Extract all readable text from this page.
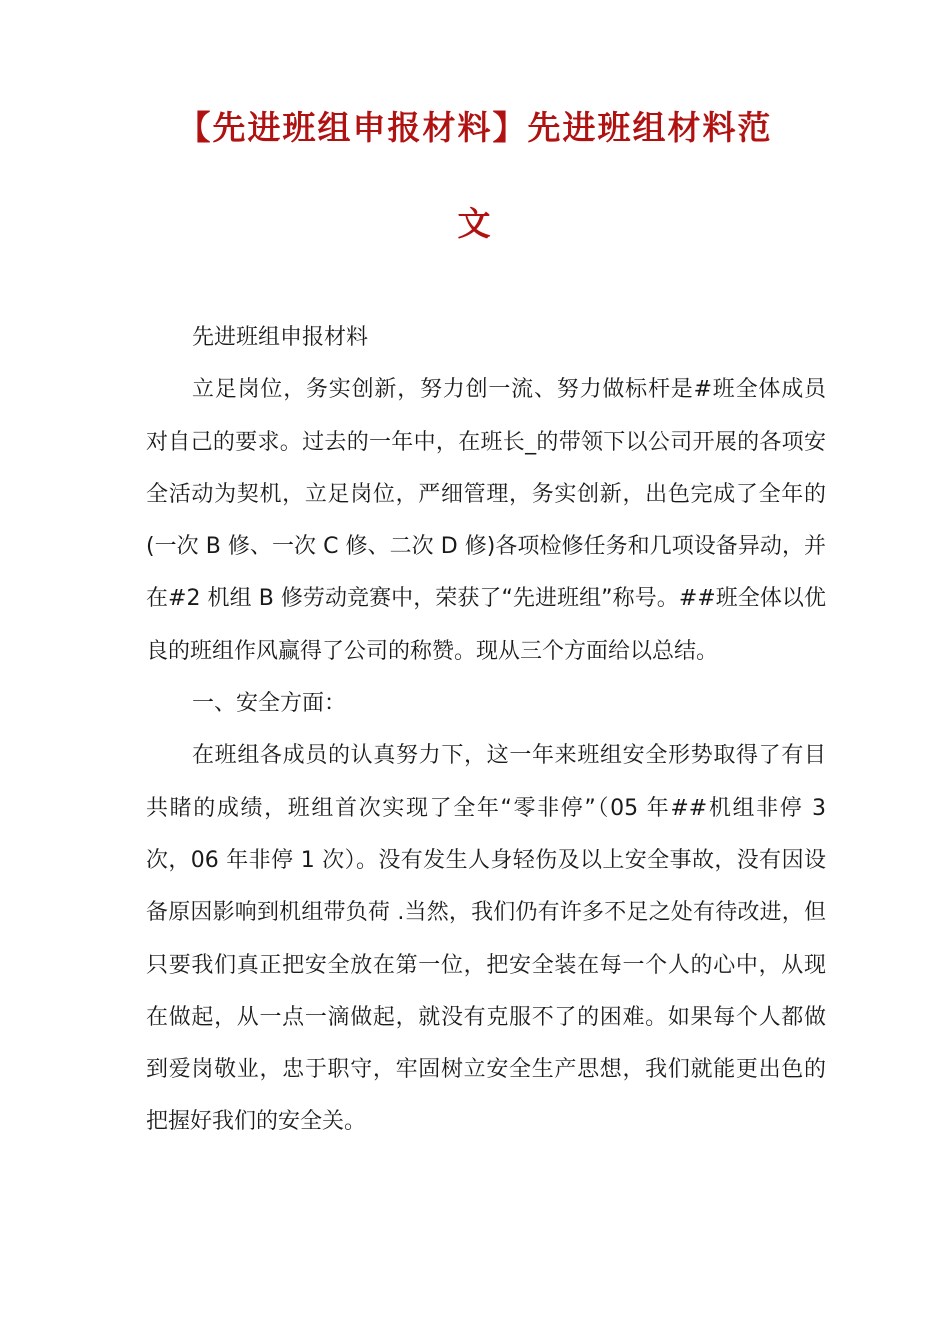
【先进班组申报材料】先进班组材料范
文

先进班组申报材料

立足岗位，务实创新，努力创一流、努力做标杆是#班全体成员对自己的要求。过去的一年中，在班长_的带领下以公司开展的各项安全活动为契机，立足岗位，严细管理，务实创新，出色完成了全年的(一次 B 修、一次 C 修、二次 D 修)各项检修任务和几项设备异动，并在#2 机组 B 修劳动竞赛中，荣获了“先进班组”称号。##班全体以优良的班组作风赢得了公司的称赞。现从三个方面给以总结。

一、安全方面：

在班组各成员的认真努力下，这一年来班组安全形势取得了有目共睹的成绩，班组首次实现了全年“零非停”（05 年##机组非停 3 次，06 年非停 1 次）。没有发生人身轻伤及以上安全事故，没有因设备原因影响到机组带负荷 .当然，我们仍有许多不足之处有待改进，但只要我们真正把安全放在第一位，把安全装在每一个人的心中，从现在做起，从一点一滴做起，就没有克服不了的困难。如果每个人都做到爱岗敬业，忠于职守，牢固树立安全生产思想，我们就能更出色的把握好我们的安全关。
